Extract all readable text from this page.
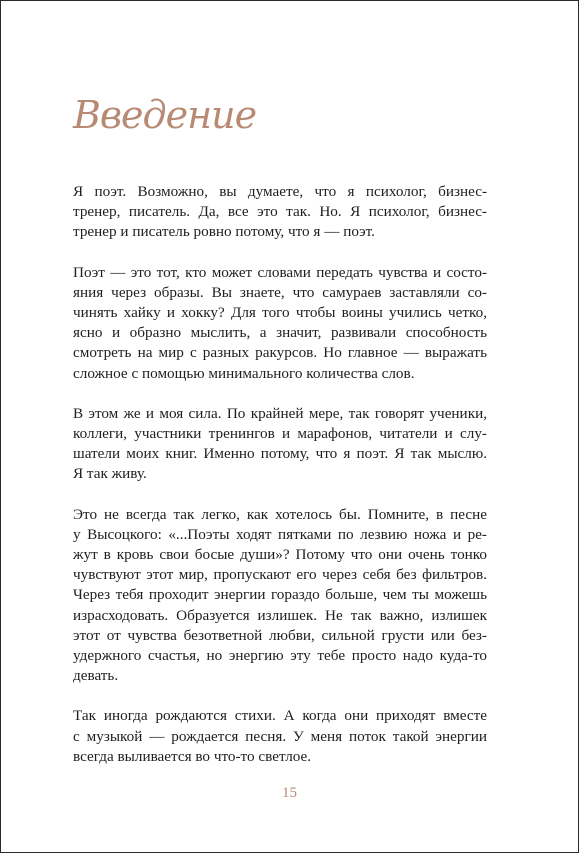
Введение

Я поэт. Возможно, вы думаете, что я психолог, бизнес-
тренер, писатель. Да, все это так. Но. Я психолог, бизнес-
тренер и писатель ровно потому, что я — поэт.

Поэт — это тот, кто может словами передать чувства и состо-
яния через образы. Вы знаете, что самураев заставляли со-
чинять хайку и хокку? Для того чтобы воины учились четко,
ясно и образно мыслить, а значит, развивали способность
смотреть на мир с разных ракурсов. Но главное — выражать
сложное с помощью минимального количества слов.

В этом же и моя сила. По крайней мере, так говорят ученики,
коллеги, участники тренингов и марафонов, читатели и слу-
шатели моих книг. Именно потому, что я поэт. Я так мыслю.
Я так живу.

Это не всегда так легко, как хотелось бы. Помните, в песне
у Высоцкого: «...Поэты ходят пятками по лезвию ножа и ре-
жут в кровь свои босые души»? Потому что они очень тонко
чувствуют этот мир, пропускают его через себя без фильтров.
Через тебя проходит энергии гораздо больше, чем ты можешь
израсходовать. Образуется излишек. Не так важно, излишек
этот от чувства безответной любви, сильной грусти или без-
удержного счастья, но энергию эту тебе просто надо куда-то
девать.

Так иногда рождаются стихи. А когда они приходят вместе
с музыкой — рождается песня. У меня поток такой энергии
всегда выливается во что-то светлое.

15
